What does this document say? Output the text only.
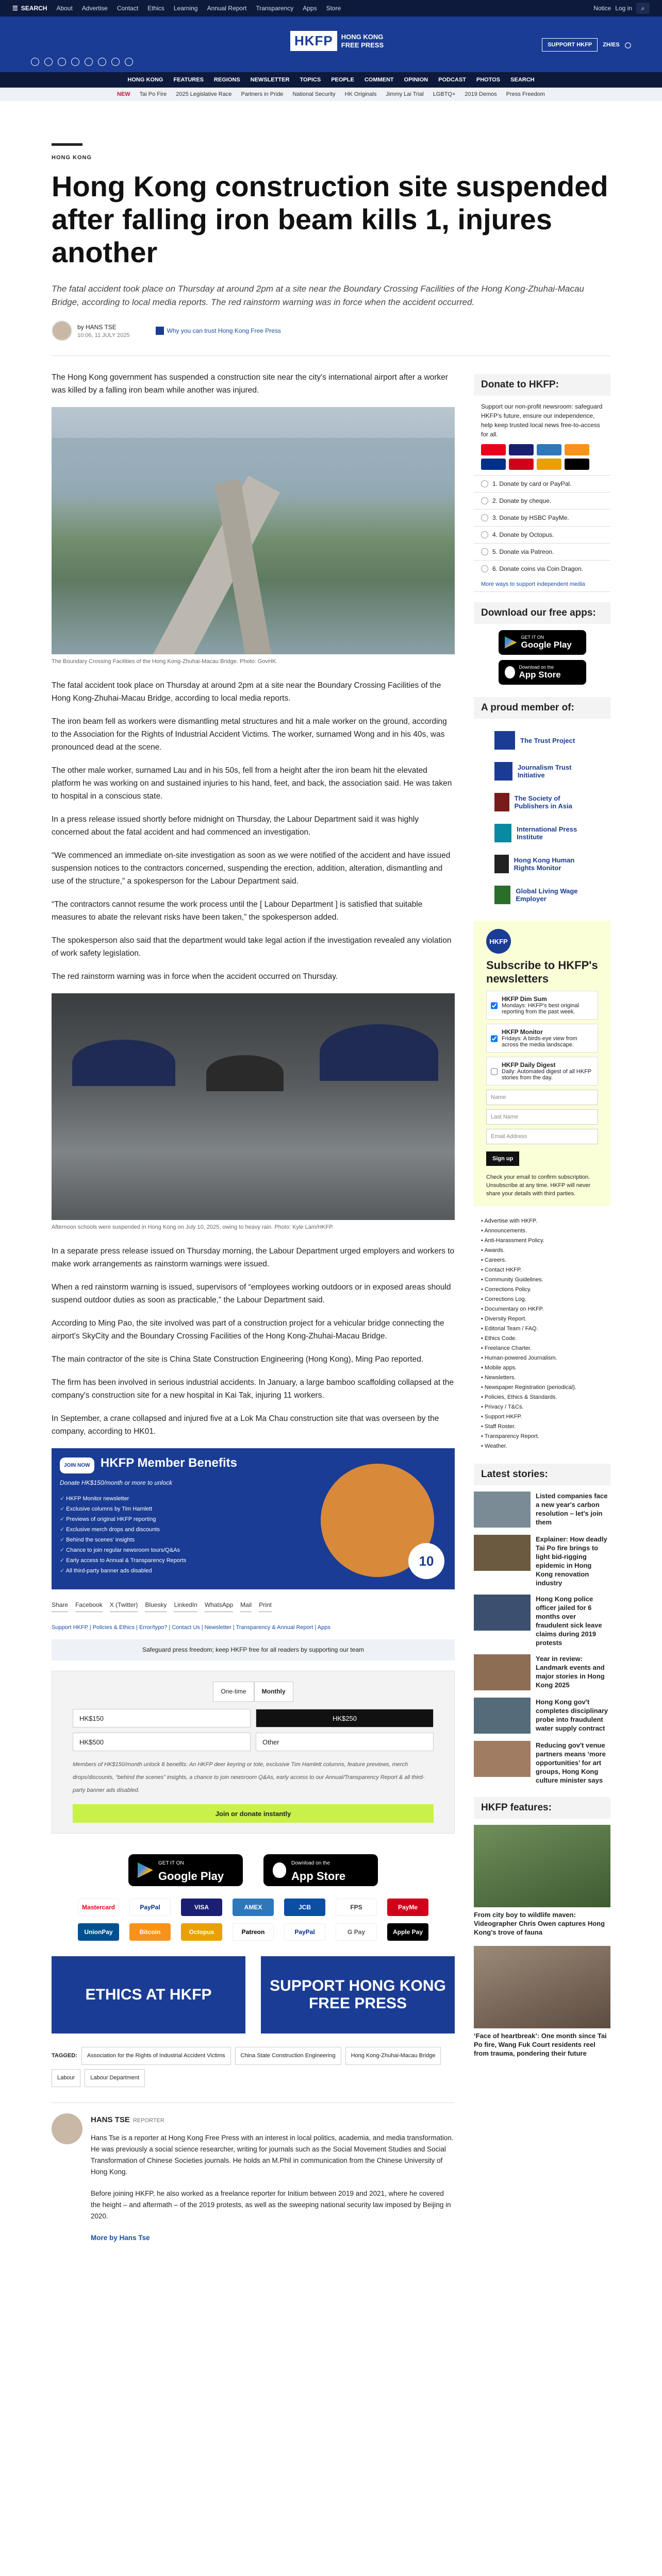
☰ SEARCH About Advertise Contact Ethics Learning Annual Report Transparency Apps Store	Notice Log in	⌕
HKFP	HONG KONG
FREE PRESS	SUPPORT HKFP	ZH/ES ◯
HONG KONG FEATURES REGIONS NEWSLETTER TOPICS PEOPLE COMMENT OPINION PODCAST PHOTOS SEARCH
NEW Tai Po Fire 2025 Legislative Race Partners in Pride National Security HK Originals Jimmy Lai Trial LGBTQ+ 2019 Demos Press Freedom
HONG KONG
Hong Kong construction site suspended after falling iron beam kills 1, injures another
The fatal accident took place on Thursday at around 2pm at a site near the Boundary Crossing Facilities of the Hong Kong-Zhuhai-Macau Bridge, according to local media reports. The red rainstorm warning was in force when the accident occurred.
by HANS TSE
10:06, 11 JULY 2025
Why you can trust Hong Kong Free Press

The Hong Kong government has suspended a construction site near the city's international airport after a worker was killed by a falling iron beam while another was injured.

The Boundary Crossing Facilities of the Hong Kong-Zhuhai-Macau Bridge. Photo: GovHK.

The fatal accident took place on Thursday at around 2pm at a site near the Boundary Crossing Facilities of the Hong Kong-Zhuhai-Macau Bridge, according to local media reports.

The iron beam fell as workers were dismantling metal structures and hit a male worker on the ground, according to the Association for the Rights of Industrial Accident Victims. The worker, surnamed Wong and in his 40s, was pronounced dead at the scene.

The other male worker, surnamed Lau and in his 50s, fell from a height after the iron beam hit the elevated platform he was working on and sustained injuries to his hand, feet, and back, the association said. He was taken to hospital in a conscious state.

In a press release issued shortly before midnight on Thursday, the Labour Department said it was highly concerned about the fatal accident and had commenced an investigation.

“We commenced an immediate on-site investigation as soon as we were notified of the accident and have issued suspension notices to the contractors concerned, suspending the erection, addition, alteration, dismantling and use of the structure,” a spokesperson for the Labour Department said.

“The contractors cannot resume the work process until the [ Labour Department ] is satisfied that suitable measures to abate the relevant risks have been taken,” the spokesperson added.

The spokesperson also said that the department would take legal action if the investigation revealed any violation of work safety legislation.

The red rainstorm warning was in force when the accident occurred on Thursday.

Afternoon schools were suspended in Hong Kong on July 10, 2025, owing to heavy rain. Photo: Kyle Lam/HKFP.

In a separate press release issued on Thursday morning, the Labour Department urged employers and workers to make work arrangements as rainstorm warnings were issued.

When a red rainstorm warning is issued, supervisors of “employees working outdoors or in exposed areas should suspend outdoor duties as soon as practicable,” the Labour Department said.

According to Ming Pao, the site involved was part of a construction project for a vehicular bridge connecting the airport's SkyCity and the Boundary Crossing Facilities of the Hong Kong-Zhuhai-Macau Bridge.

The main contractor of the site is China State Construction Engineering (Hong Kong), Ming Pao reported.

The firm has been involved in serious industrial accidents. In January, a large bamboo scaffolding collapsed at the company's construction site for a new hospital in Kai Tak, injuring 11 workers.

In September, a crane collapsed and injured five at a Lok Ma Chau construction site that was overseen by the company, according to HK01.

JOIN NOW HKFP Member Benefits
Donate HK$150/month or more to unlock
✓ HKFP Monitor newsletter
✓ Exclusive columns by Tim Hamlett
✓ Previews of original HKFP reporting
✓ Exclusive merch drops and discounts
✓ Behind the scenes’ insights
✓ Chance to join regular newsroom tours/Q&As
✓ Early access to Annual & Transparency Reports
✓ All third-party banner ads disabled
10
Share Facebook X (Twitter) Bluesky LinkedIn WhatsApp Mail Print
Support HKFP | Policies & Ethics | Error/typo? | Contact Us | Newsletter | Transparency & Annual Report | Apps
Safeguard press freedom; keep HKFP free for all readers by supporting our team
One-time	Monthly
HK$150	HK$250
HK$500	Other
Members of HK$150/month unlock 8 benefits: An HKFP deer keyring or tote, exclusive Tim Hamlett columns, feature previews, merch drops/discounts, “behind the scenes” insights, a chance to join newsroom Q&As, early access to our Annual/Transparency Report & all third-party banner ads disabled.
Join or donate instantly
GET IT ON
Google Play
Download on the
App Store
Mastercard	PayPal	VISA	AMEX	JCB	FPS	PayMe
UnionPay	Bitcoin	Octopus	Patreon	PayPal	G Pay	Apple Pay
ETHICS AT HKFP
SUPPORT HONG KONG FREE PRESS
TAGGED:	Association for the Rights of Industrial Accident Victims	China State Construction Engineering	Hong Kong-Zhuhai-Macau Bridge
Labour	Labour Department
HANS TSE REPORTER

Hans Tse is a reporter at Hong Kong Free Press with an interest in local politics, academia, and media transformation. He was previously a social science researcher, writing for journals such as the Social Movement Studies and Social Transformation of Chinese Societies journals. He holds an M.Phil in communication from the Chinese University of Hong Kong.

Before joining HKFP, he also worked as a freelance reporter for Initium between 2019 and 2021, where he covered the height – and aftermath – of the 2019 protests, as well as the sweeping national security law imposed by Beijing in 2020.

More by Hans Tse

Donate to HKFP:
Support our non-profit newsroom: safeguard HKFP's future, ensure our independence, help keep trusted local news free-to-access for all.
1. Donate by card or PayPal.
2. Donate by cheque.
3. Donate by HSBC PayMe.
4. Donate by Octopus.
5. Donate via Patreon.
6. Donate coins via Coin Dragon.
More ways to support independent media
Download our free apps:
GET IT ON
Google Play
Download on the
App Store
A proud member of:
The Trust Project
Journalism Trust Initiative
The Society of Publishers in Asia
International Press Institute
Hong Kong Human Rights Monitor
Global Living Wage Employer
HKFP
Subscribe to HKFP's newsletters
HKFP Dim Sum
Mondays: HKFP's best original reporting from the past week.
HKFP Monitor
Fridays: A birds-eye view from across the media landscape.
HKFP Daily Digest
Daily: Automated digest of all HKFP stories from the day.
Name
Last Name
Email Address
Sign up
Check your email to confirm subscription. Unsubscribe at any time. HKFP will never share your details with third parties.
• Advertise with HKFP.
• Announcements.
• Anti-Harassment Policy.
• Awards.
• Careers.
• Contact HKFP.
• Community Guidelines.
• Corrections Policy.
• Corrections Log.
• Documentary on HKFP.
• Diversity Report.
• Editorial Team / FAQ.
• Ethics Code.
• Freelance Charter.
• Human-powered Journalism.
• Mobile apps.
• Newsletters.
• Newspaper Registration (periodical).
• Policies, Ethics & Standards.
• Privacy / T&Cs.
• Support HKFP.
• Staff Roster.
• Transparency Report.
• Weather.
Latest stories:
Listed companies face a new year's carbon resolution – let's join them
Explainer: How deadly Tai Po fire brings to light bid-rigging epidemic in Hong Kong renovation industry
Hong Kong police officer jailed for 6 months over fraudulent sick leave claims during 2019 protests
Year in review: Landmark events and major stories in Hong Kong 2025
Hong Kong gov't completes disciplinary probe into fraudulent water supply contract
Reducing gov't venue partners means ‘more opportunities’ for art groups, Hong Kong culture minister says
HKFP features:
From city boy to wildlife maven: Videographer Chris Owen captures Hong Kong's trove of fauna
‘Face of heartbreak’: One month since Tai Po fire, Wang Fuk Court residents reel from trauma, pondering their future
